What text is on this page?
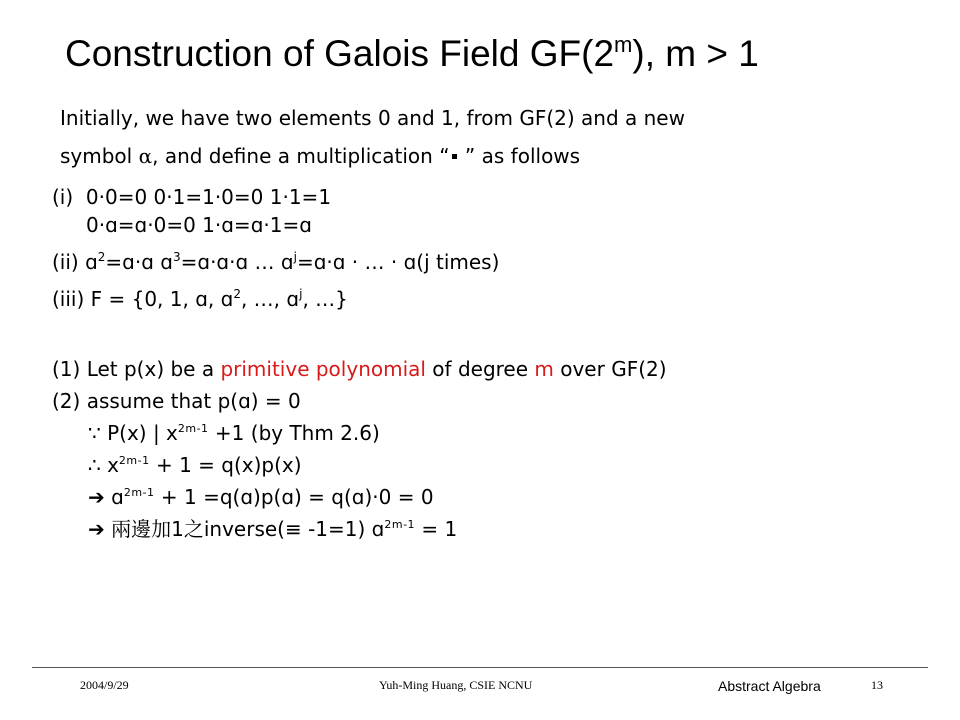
Construction of Galois Field GF(2$^m$), m > 1
Initially, we have two elements 0 and 1, from GF(2) and a new
symbol α, and define a multiplication “ ” as follows
(i) 0·0=0 0·1=1·0=0 1·1=1
0·ɑ=ɑ·0=0 1·ɑ=ɑ·1=ɑ
(ii) ɑ$^2$=ɑ·ɑ ɑ$^3$=ɑ·ɑ·ɑ … ɑ$^j$=ɑ·ɑ · … · ɑ(j times)
(iii) F = {0, 1, ɑ, ɑ$^2$, …, ɑ$^j$, …}
(1) Let p(x) be a primitive polynomial of degree m over GF(2)
(2) assume that p(ɑ) = 0
∵ P(x) | $x^{2m-1} +1$ (by Thm 2.6)
∴ $x^{2m-1} + 1 = q(x)p(x)$
➔ ɑ$^{2m-1}$ + 1 =q(ɑ)p(ɑ) = q(ɑ)·0 = 0
➔ 兩邊加1之inverse(≡ -1=1) ɑ$^{2m-1}$ = 1
2004/9/29	Yuh-Ming Huang, CSIE NCNU	Abstract Algebra	13
